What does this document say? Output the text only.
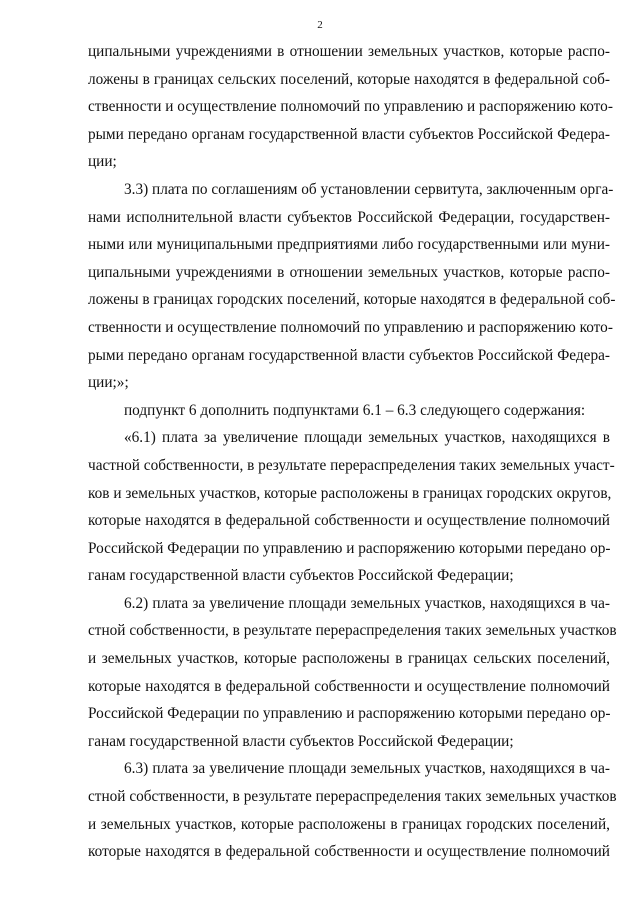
2
ципальными учреждениями в отношении земельных участков, которые распо-
ложены в границах сельских поселений, которые находятся в федеральной соб-
ственности и осуществление полномочий по управлению и распоряжению кото-
рыми передано органам государственной власти субъектов Российской Федера-
ции;
3.3) плата по соглашениям об установлении сервитута, заключенным орга-
нами исполнительной власти субъектов Российской Федерации, государствен-
ными или муниципальными предприятиями либо государственными или муни-
ципальными учреждениями в отношении земельных участков, которые распо-
ложены в границах городских поселений, которые находятся в федеральной соб-
ственности и осуществление полномочий по управлению и распоряжению кото-
рыми передано органам государственной власти субъектов Российской Федера-
ции;»;
подпункт 6 дополнить подпунктами 6.1 – 6.3 следующего содержания:
«6.1) плата за увеличение площади земельных участков, находящихся в
частной собственности, в результате перераспределения таких земельных участ-
ков и земельных участков, которые расположены в границах городских округов,
которые находятся в федеральной собственности и осуществление полномочий
Российской Федерации по управлению и распоряжению которыми передано ор-
ганам государственной власти субъектов Российской Федерации;
6.2) плата за увеличение площади земельных участков, находящихся в ча-
стной собственности, в результате перераспределения таких земельных участков
и земельных участков, которые расположены в границах сельских поселений,
которые находятся в федеральной собственности и осуществление полномочий
Российской Федерации по управлению и распоряжению которыми передано ор-
ганам государственной власти субъектов Российской Федерации;
6.3) плата за увеличение площади земельных участков, находящихся в ча-
стной собственности, в результате перераспределения таких земельных участков
и земельных участков, которые расположены в границах городских поселений,
которые находятся в федеральной собственности и осуществление полномочий
